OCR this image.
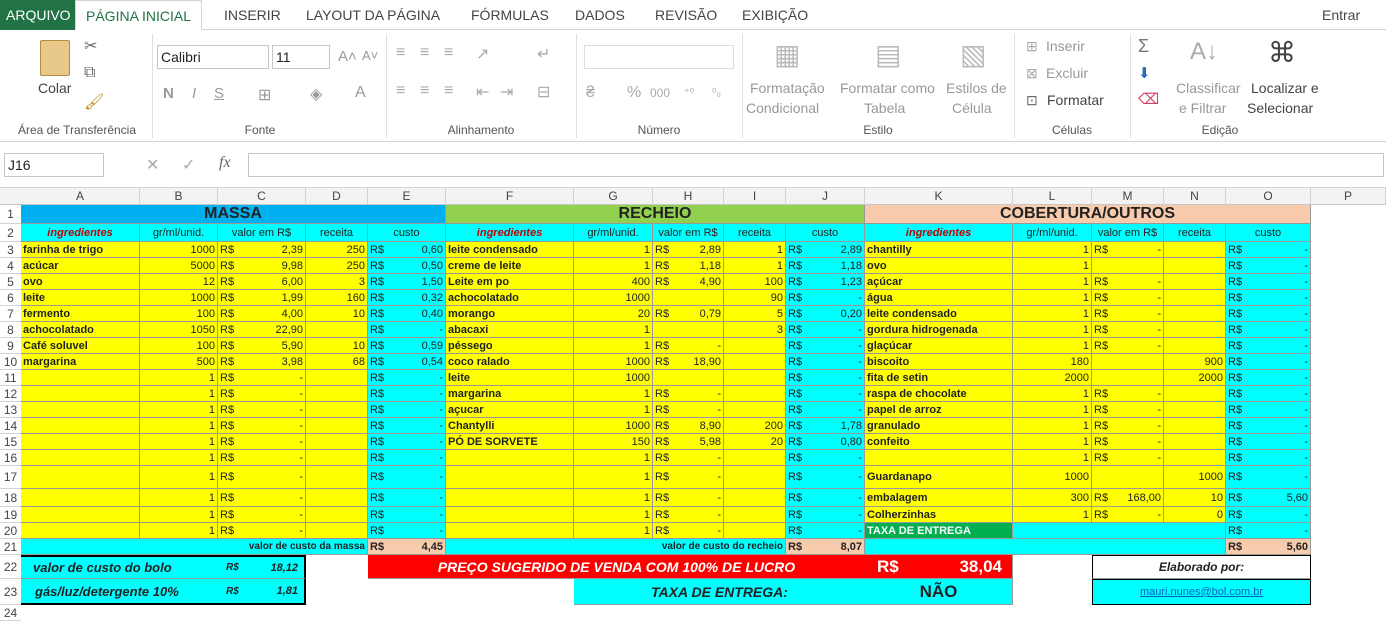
ARQUIVO	PÁGINA INICIAL	INSERIR LAYOUT DA PÁGINA FÓRMULAS DADOS REVISÃO EXIBIÇÃO	Entrar
Colar
✂
⧉
🖌
Área de Transferência
Calibri	11	A˄ A˅
N I S ⊞ ◈ A
Fonte
≡ ≡ ≡ ↗	↵
≡ ≡ ≡ ⇤ ⇥ ⊟
Alinhamento
₴ % 000 ⁺⁰ ⁰₀
Número
▦
Formatação
Condicional
▤
Formatar como
Tabela
▧
Estilos de
Célula
Estilo
⊞ Inserir
⊠ Excluir
⊡ Formatar
Células
Σ
⬇
⌫
A↓
Classificar
e Filtrar
⌘
Localizar e
Selecionar
Edição
J16	✕ ✓ fx
A	B	C	D	E	F	G	H	I	J	K	L	M	N	O	P
1
2
3
4
5
6
7
8
9
10
11
12
13
14
15
16
17
18
19
20
21
22
23
24
MASSA	RECHEIO	COBERTURA/OUTROS
ingredientes	gr/ml/unid.	valor em R$	receita	custo	ingredientes	gr/ml/unid.	valor em R$	receita	custo	ingredientes	gr/ml/unid.	valor em R$	receita	custo
farinha de trigo	1000 R$	2,39	250 R$	0,60
acúcar	5000 R$	9,98	250 R$	0,50
ovo	12 R$	6,00	3 R$	1,50
leite	1000 R$	1,99	160 R$	0,32
fermento	100 R$	4,00	10 R$	0,40
achocolatado	1050 R$	22,90	R$	-
Café soluvel	100 R$	5,90	10 R$	0,59
margarina	500 R$	3,98	68 R$	0,54
1 R$	-	R$	-
1 R$	-	R$	-
1 R$	-	R$	-
1 R$	-	R$	-
1 R$	-	R$	-
1 R$	-	R$	-
1 R$	-	R$	-
1 R$	-	R$	-
1 R$	-	R$	-
1 R$	-	R$	-
leite condensado	1 R$	2,89	1 R$	2,89
creme de leite	1 R$	1,18	1 R$	1,18
Leite em po	400 R$	4,90	100 R$	1,23
achocolatado	1000	90 R$	-
morango	20 R$	0,79	5 R$	0,20
abacaxi	1	3 R$	-
péssego	1 R$	-	R$	-
coco ralado	1000 R$ 18,90	R$	-
leite	1000	R$	-
margarina	1 R$	-	R$	-
açucar	1 R$	-	R$	-
Chantylli	1000 R$	8,90	200 R$	1,78
PÓ DE SORVETE	150 R$	5,98	20 R$	0,80
1 R$	-	R$	-
1 R$	-	R$	-
1 R$	-	R$	-
1 R$	-	R$	-
1 R$	-	R$	-
chantilly	1 R$	-	R$	-
ovo	1	R$	-
açúcar	1 R$	-	R$	-
água	1 R$	-	R$	-
leite condensado	1 R$	-	R$	-
gordura hidrogenada	1 R$	-	R$	-
glaçúcar	1 R$	-	R$	-
biscoito	180	900 R$	-
fita de setin	2000	2000 R$	-
raspa de chocolate	1 R$	-	R$	-
papel de arroz	1 R$	-	R$	-
granulado	1 R$	-	R$	-
confeito	1 R$	-	R$	-
1 R$	-	R$	-
Guardanapo	1000	1000 R$	-
embalagem	300 R$ 168,00	10 R$	5,60
Colherzinhas	1 R$	-	0 R$	-
TAXA DE ENTREGA	R$	-
valor de custo da massa R$	4,45	valor de custo do recheio R$	8,07	R$	5,60
valor de custo do bolo	R$	18,12
gás/luz/detergente 10%	R$	1,81
PREÇO SUGERIDO DE VENDA COM 100% DE LUCRO	R$	38,04
TAXA DE ENTREGA:	NÃO
Elaborado por:
mauri.nunes@bol.com.br
